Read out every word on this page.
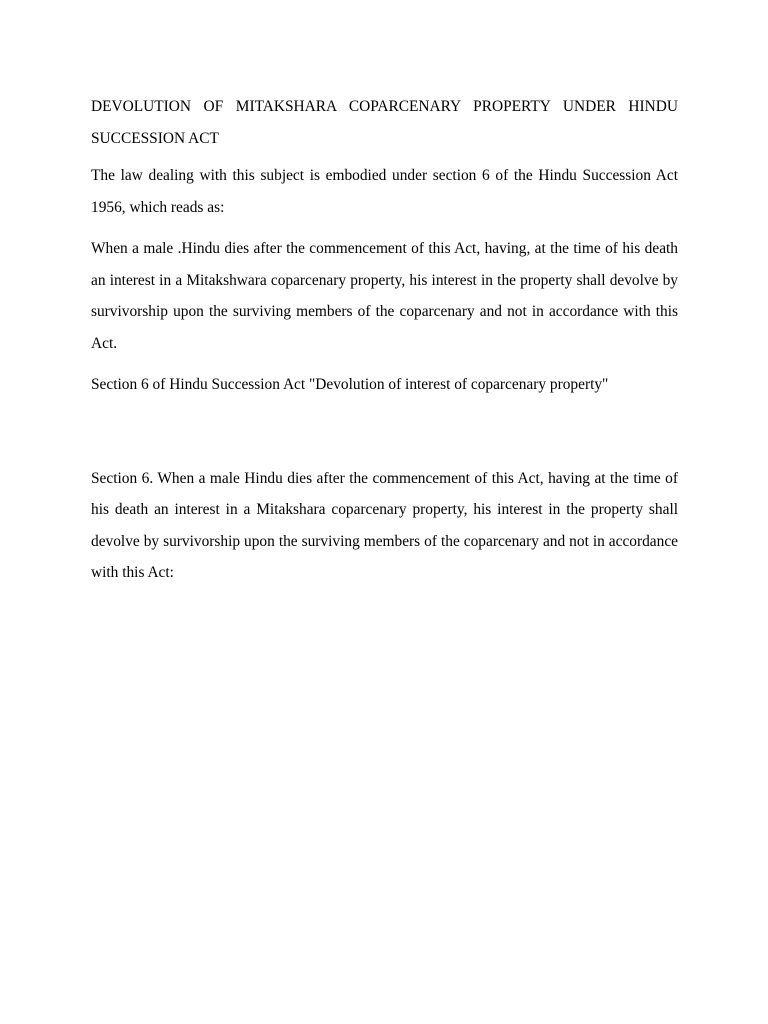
DEVOLUTION OF MITAKSHARA COPARCENARY PROPERTY UNDER HINDU SUCCESSION ACT

The law dealing with this subject is embodied under section 6 of the Hindu Succession Act 1956, which reads as:

When a male .Hindu dies after the commencement of this Act, having, at the time of his death an interest in a Mitakshwara coparcenary property, his interest in the property shall devolve by survivorship upon the surviving members of the coparcenary and not in accordance with this Act.

Section 6 of Hindu Succession Act "Devolution of interest of coparcenary property"

Section 6. When a male Hindu dies after the commencement of this Act, having at the time of his death an interest in a Mitakshara coparcenary property, his interest in the property shall devolve by survivorship upon the surviving members of the coparcenary and not in accordance with this Act:
